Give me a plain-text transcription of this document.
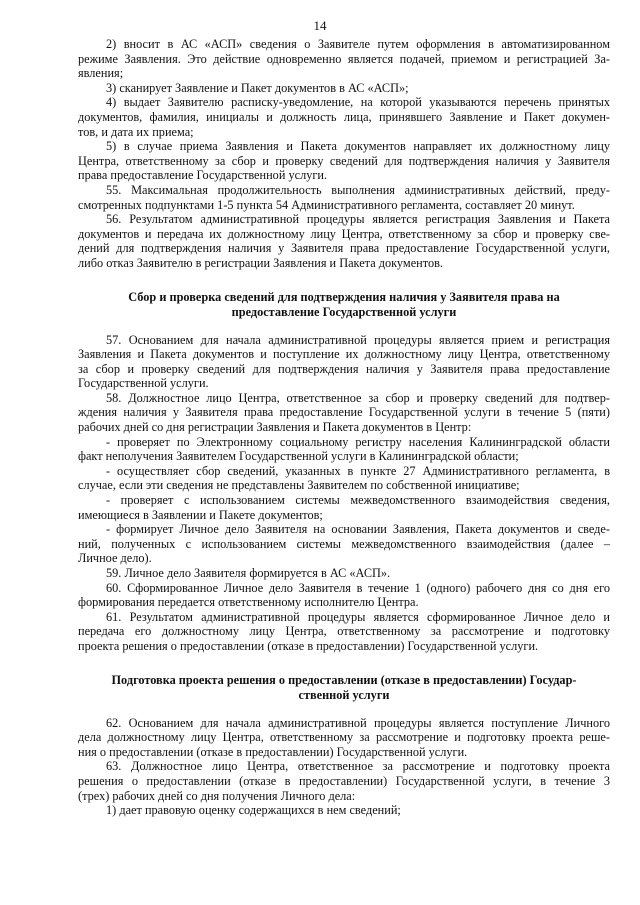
14
2) вносит в АС «АСП» сведения о Заявителе путем оформления в автоматизированном
режиме Заявления. Это действие одновременно является подачей, приемом и регистрацией За-
явления;
3) сканирует Заявление и Пакет документов в АС «АСП»;
4) выдает Заявителю расписку-уведомление, на которой указываются перечень принятых
документов, фамилия, инициалы и должность лица, принявшего Заявление и Пакет докумен-
тов, и дата их приема;
5) в случае приема Заявления и Пакета документов направляет их должностному лицу
Центра, ответственному за сбор и проверку сведений для подтверждения наличия у Заявителя
права предоставление Государственной услуги.
55. Максимальная продолжительность выполнения административных действий, преду-
смотренных подпунктами 1-5 пункта 54 Административного регламента, составляет 20 минут.
56. Результатом административной процедуры является регистрация Заявления и Пакета
документов и передача их должностному лицу Центра, ответственному за сбор и проверку све-
дений для подтверждения наличия у Заявителя права предоставление Государственной услуги,
либо отказ Заявителю в регистрации Заявления и Пакета документов.
Сбор и проверка сведений для подтверждения наличия у Заявителя права на
предоставление Государственной услуги
57. Основанием для начала административной процедуры является прием и регистрация
Заявления и Пакета документов и поступление их должностному лицу Центра, ответственному
за сбор и проверку сведений для подтверждения наличия у Заявителя права предоставление
Государственной услуги.
58. Должностное лицо Центра, ответственное за сбор и проверку сведений для подтвер-
ждения наличия у Заявителя права предоставление Государственной услуги в течение 5 (пяти)
рабочих дней со дня регистрации Заявления и Пакета документов в Центр:
- проверяет по Электронному социальному регистру населения Калининградской области
факт неполучения Заявителем Государственной услуги в Калининградской области;
- осуществляет сбор сведений, указанных в пункте 27 Административного регламента, в
случае, если эти сведения не представлены Заявителем по собственной инициативе;
- проверяет с использованием системы межведомственного взаимодействия сведения,
имеющиеся в Заявлении и Пакете документов;
- формирует Личное дело Заявителя на основании Заявления, Пакета документов и сведе-
ний, полученных с использованием системы межведомственного взаимодействия (далее –
Личное дело).
59. Личное дело Заявителя формируется в АС «АСП».
60. Сформированное Личное дело Заявителя в течение 1 (одного) рабочего дня со дня его
формирования передается ответственному исполнителю Центра.
61. Результатом административной процедуры является сформированное Личное дело и
передача его должностному лицу Центра, ответственному за рассмотрение и подготовку
проекта решения о предоставлении (отказе в предоставлении) Государственной услуги.
Подготовка проекта решения о предоставлении (отказе в предоставлении) Государ-
ственной услуги
62. Основанием для начала административной процедуры является поступление Личного
дела должностному лицу Центра, ответственному за рассмотрение и подготовку проекта реше-
ния о предоставлении (отказе в предоставлении) Государственной услуги.
63. Должностное лицо Центра, ответственное за рассмотрение и подготовку проекта
решения о предоставлении (отказе в предоставлении) Государственной услуги, в течение 3
(трех) рабочих дней со дня получения Личного дела:
1) дает правовую оценку содержащихся в нем сведений;
